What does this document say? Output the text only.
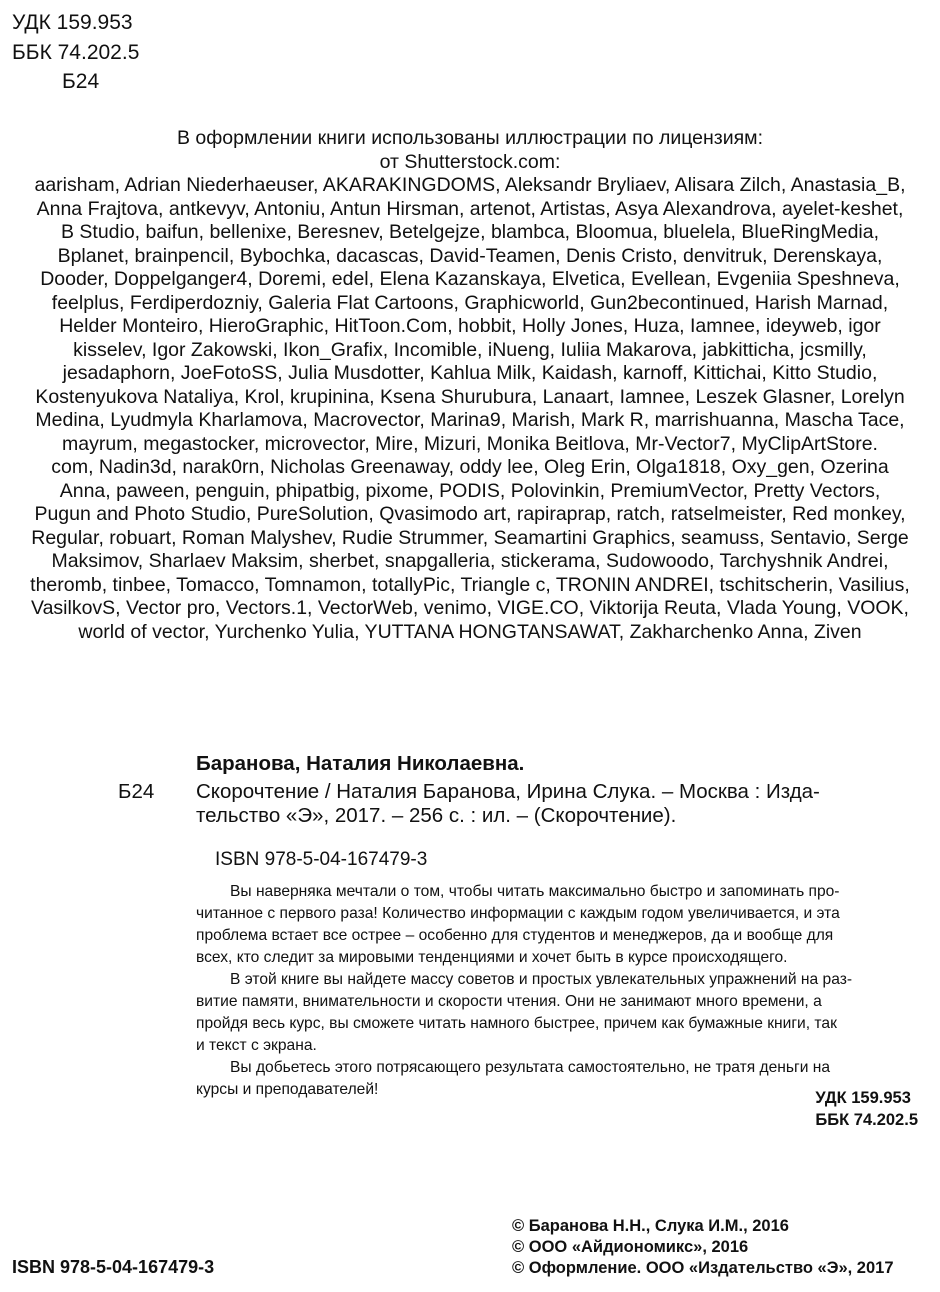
УДК 159.953
ББК 74.202.5
Б24
В оформлении книги использованы иллюстрации по лицензиям:
от Shutterstock.com:
aarisham, Adrian Niederhaeuser, AKARAKINGDOMS, Aleksandr Bryliaev, Alisara Zilch, Anastasia_B,
Anna Frajtova, antkevyv, Antoniu, Antun Hirsman, artenot, Artistas, Asya Alexandrova, ayelet-keshet,
B Studio, baifun, bellenixe, Beresnev, Betelgejze, blambca, Bloomua, bluelela, BlueRingMedia,
Bplanet, brainpencil, Bybochka, dacascas, David-Teamen, Denis Cristo, denvitruk, Derenskaya,
Dooder, Doppelganger4, Doremi, edel, Elena Kazanskaya, Elvetica, Evellean, Evgeniia Speshneva,
feelplus, Ferdiperdozniy, Galeria Flat Cartoons, Graphicworld, Gun2becontinued, Harish Marnad,
Helder Monteiro, HieroGraphic, HitToon.Com, hobbit, Holly Jones, Huza, Iamnee, ideyweb, igor
kisselev, Igor Zakowski, Ikon_Grafix, Incomible, iNueng, Iuliia Makarova, jabkitticha, jcsmilly,
jesadaphorn, JoeFotoSS, Julia Musdotter, Kahlua Milk, Kaidash, karnoff, Kittichai, Kitto Studio,
Kostenyukova Nataliya, Krol, krupinina, Ksena Shurubura, Lanaart, Iamnee, Leszek Glasner, Lorelyn
Medina, Lyudmyla Kharlamova, Macrovector, Marina9, Marish, Mark R, marrishuanna, Mascha Tace,
mayrum, megastocker, microvector, Mire, Mizuri, Monika Beitlova, Mr-Vector7, MyClipArtStore.
com, Nadin3d, narak0rn, Nicholas Greenaway, oddy lee, Oleg Erin, Olga1818, Oxy_gen, Ozerina
Anna, paween, penguin, phipatbig, pixome, PODIS, Polovinkin, PremiumVector, Pretty Vectors,
Pugun and Photo Studio, PureSolution, Qvasimodo art, rapiraprap, ratch, ratselmeister, Red monkey,
Regular, robuart, Roman Malyshev, Rudie Strummer, Seamartini Graphics, seamuss, Sentavio, Serge
Maksimov, Sharlaev Maksim, sherbet, snapgalleria, stickerama, Sudowoodo, Tarchyshnik Andrei,
theromb, tinbee, Tomacco, Tomnamon, totallyPic, Triangle c, TRONIN ANDREI, tschitscherin, Vasilius,
VasilkovS, Vector pro, Vectors.1, VectorWeb, venimo, VIGE.CO, Viktorija Reuta, Vlada Young, VOOK,
world of vector, Yurchenko Yulia, YUTTANA HONGTANSAWAT, Zakharchenko Anna, Ziven
Баранова, Наталия Николаевна.
Б24 Скорочтение / Наталия Баранова, Ирина Слука. – Москва : Изда-
тельство «Э», 2017. – 256 с. : ил. – (Скорочтение).
ISBN 978-5-04-167479-3
Вы наверняка мечтали о том, чтобы читать максимально быстро и запоминать про-
читанное с первого раза! Количество информации с каждым годом увеличивается, и эта
проблема встает все острее – особенно для студентов и менеджеров, да и вообще для
всех, кто следит за мировыми тенденциями и хочет быть в курсе происходящего.
В этой книге вы найдете массу советов и простых увлекательных упражнений на раз-
витие памяти, внимательности и скорости чтения. Они не занимают много времени, а
пройдя весь курс, вы сможете читать намного быстрее, причем как бумажные книги, так
и текст с экрана.
Вы добьетесь этого потрясающего результата самостоятельно, не тратя деньги на
курсы и преподавателей!	УДК 159.953
ББК 74.202.5
© Баранова Н.Н., Слука И.М., 2016
© ООО «Айдиономикс», 2016
© Оформление. ООО «Издательство «Э», 2017
ISBN 978-5-04-167479-3
